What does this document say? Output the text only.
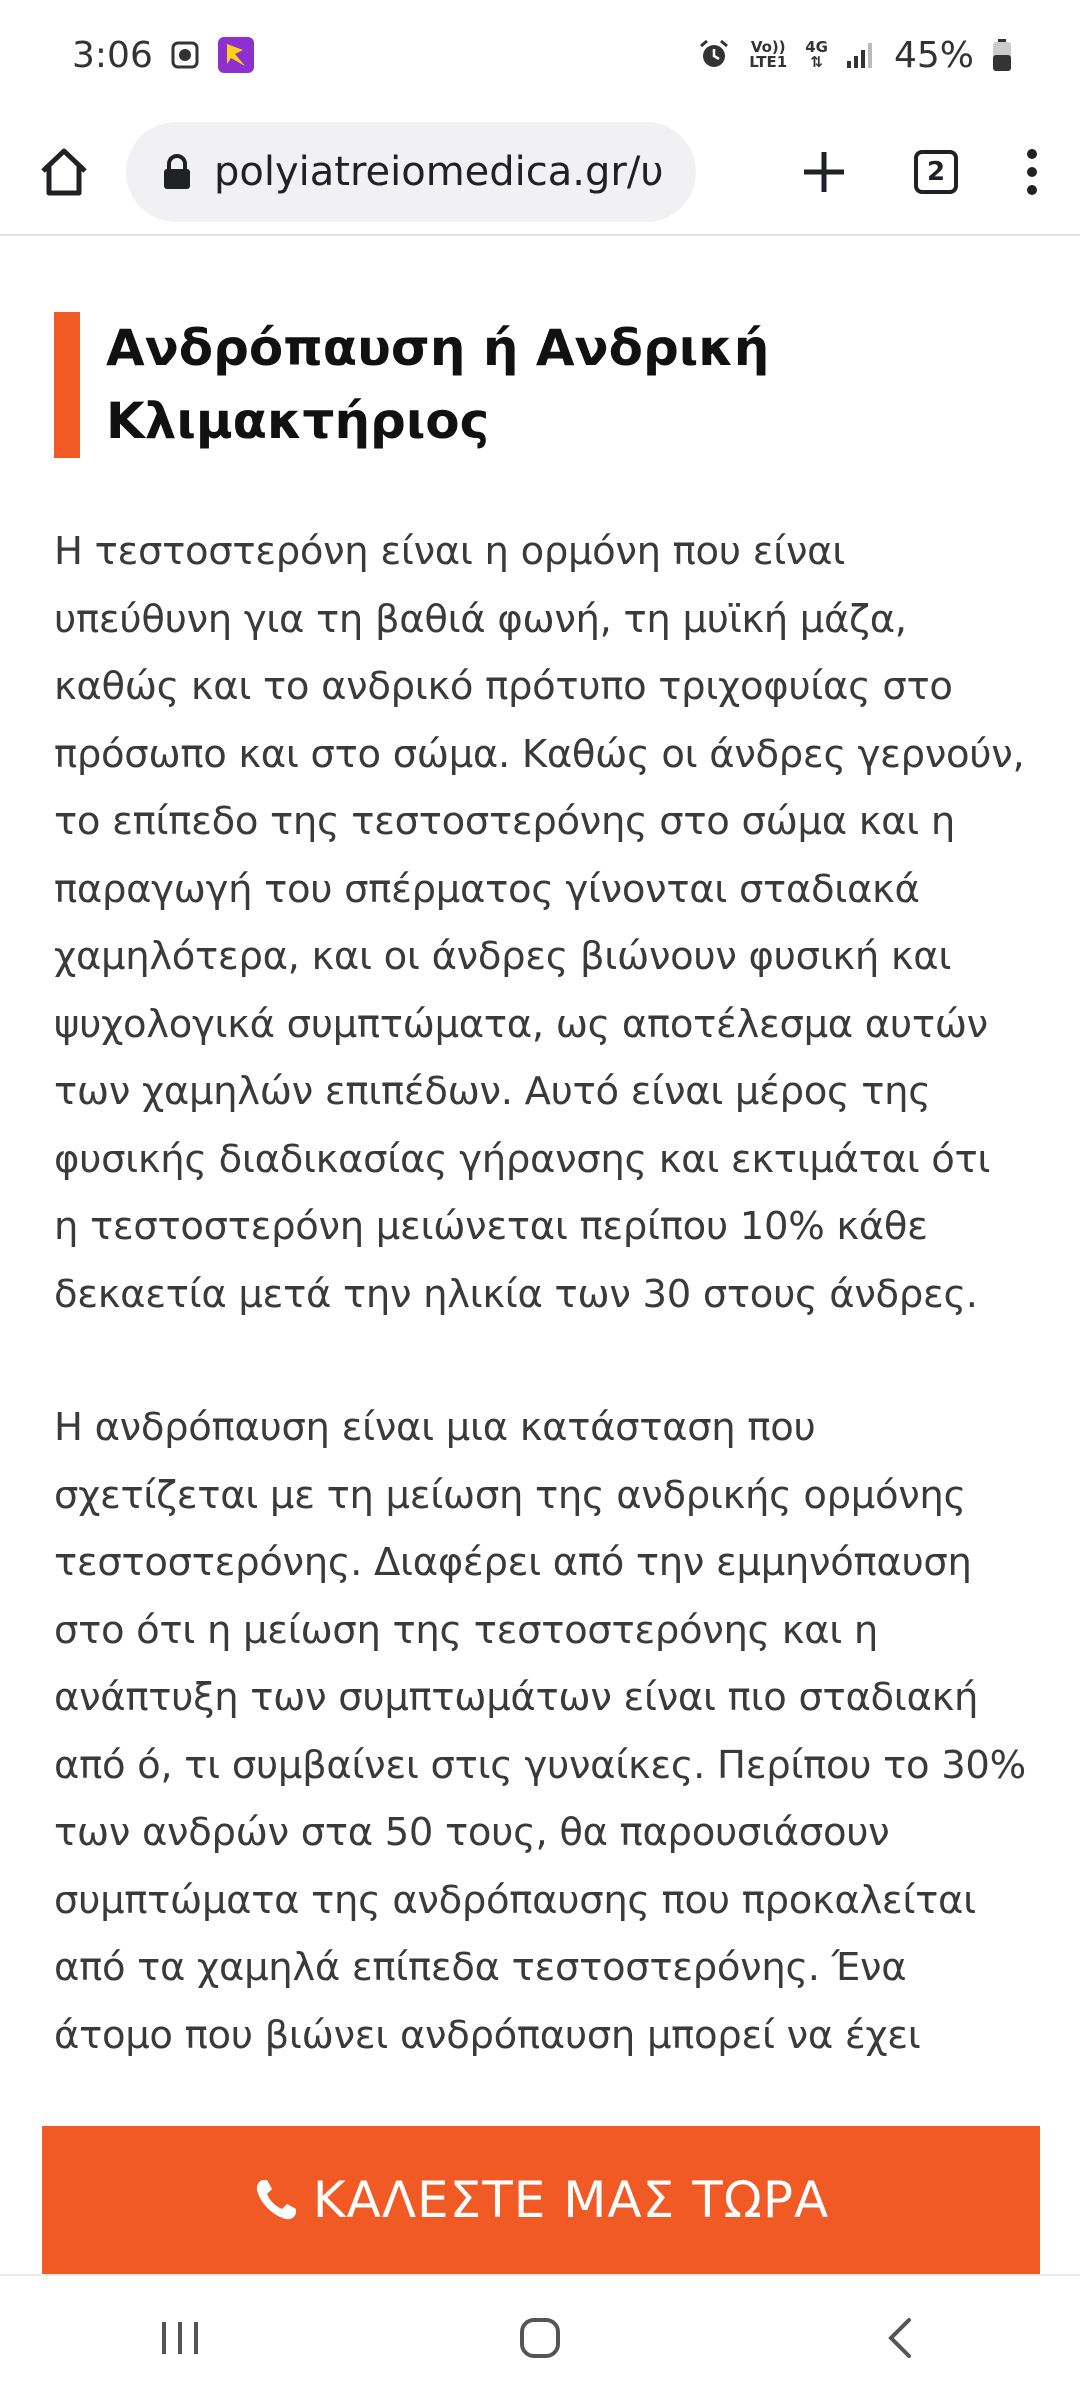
3:06	Vo))
LTE1
4G
⇅ 45%
polyiatreiomedica.gr/υ	2
Ανδρόπαυση ή Ανδρική Κλιμακτήριος

Η τεστοστερόνη είναι η ορμόνη που είναι υπεύθυνη για τη βαθιά φωνή, τη μυϊκή μάζα, καθώς και το ανδρικό πρότυπο τριχοφυίας στο πρόσωπο και στο σώμα. Καθώς οι άνδρες γερνούν, το επίπεδο της τεστοστερόνης στο σώμα και η παραγωγή του σπέρματος γίνονται σταδιακά χαμηλότερα, και οι άνδρες βιώνουν φυσική και ψυχολογικά συμπτώματα, ως αποτέλεσμα αυτών των χαμηλών επιπέδων. Αυτό είναι μέρος της φυσικής διαδικασίας γήρανσης και εκτιμάται ότι η τεστοστερόνη μειώνεται περίπου 10% κάθε δεκαετία μετά την ηλικία των 30 στους άνδρες.

Η ανδρόπαυση είναι μια κατάσταση που σχετίζεται με τη μείωση της ανδρικής ορμόνης τεστοστερόνης. Διαφέρει από την εμμηνόπαυση στο ότι η μείωση της τεστοστερόνης και η ανάπτυξη των συμπτωμάτων είναι πιο σταδιακή από ό, τι συμβαίνει στις γυναίκες. Περίπου το 30% των ανδρών στα 50 τους, θα παρουσιάσουν συμπτώματα της ανδρόπαυσης που προκαλείται από τα χαμηλά επίπεδα τεστοστερόνης. Ένα άτομο που βιώνει ανδρόπαυση μπορεί να έχει

ΚΑΛΕΣΤΕ ΜΑΣ ΤΩΡΑ
